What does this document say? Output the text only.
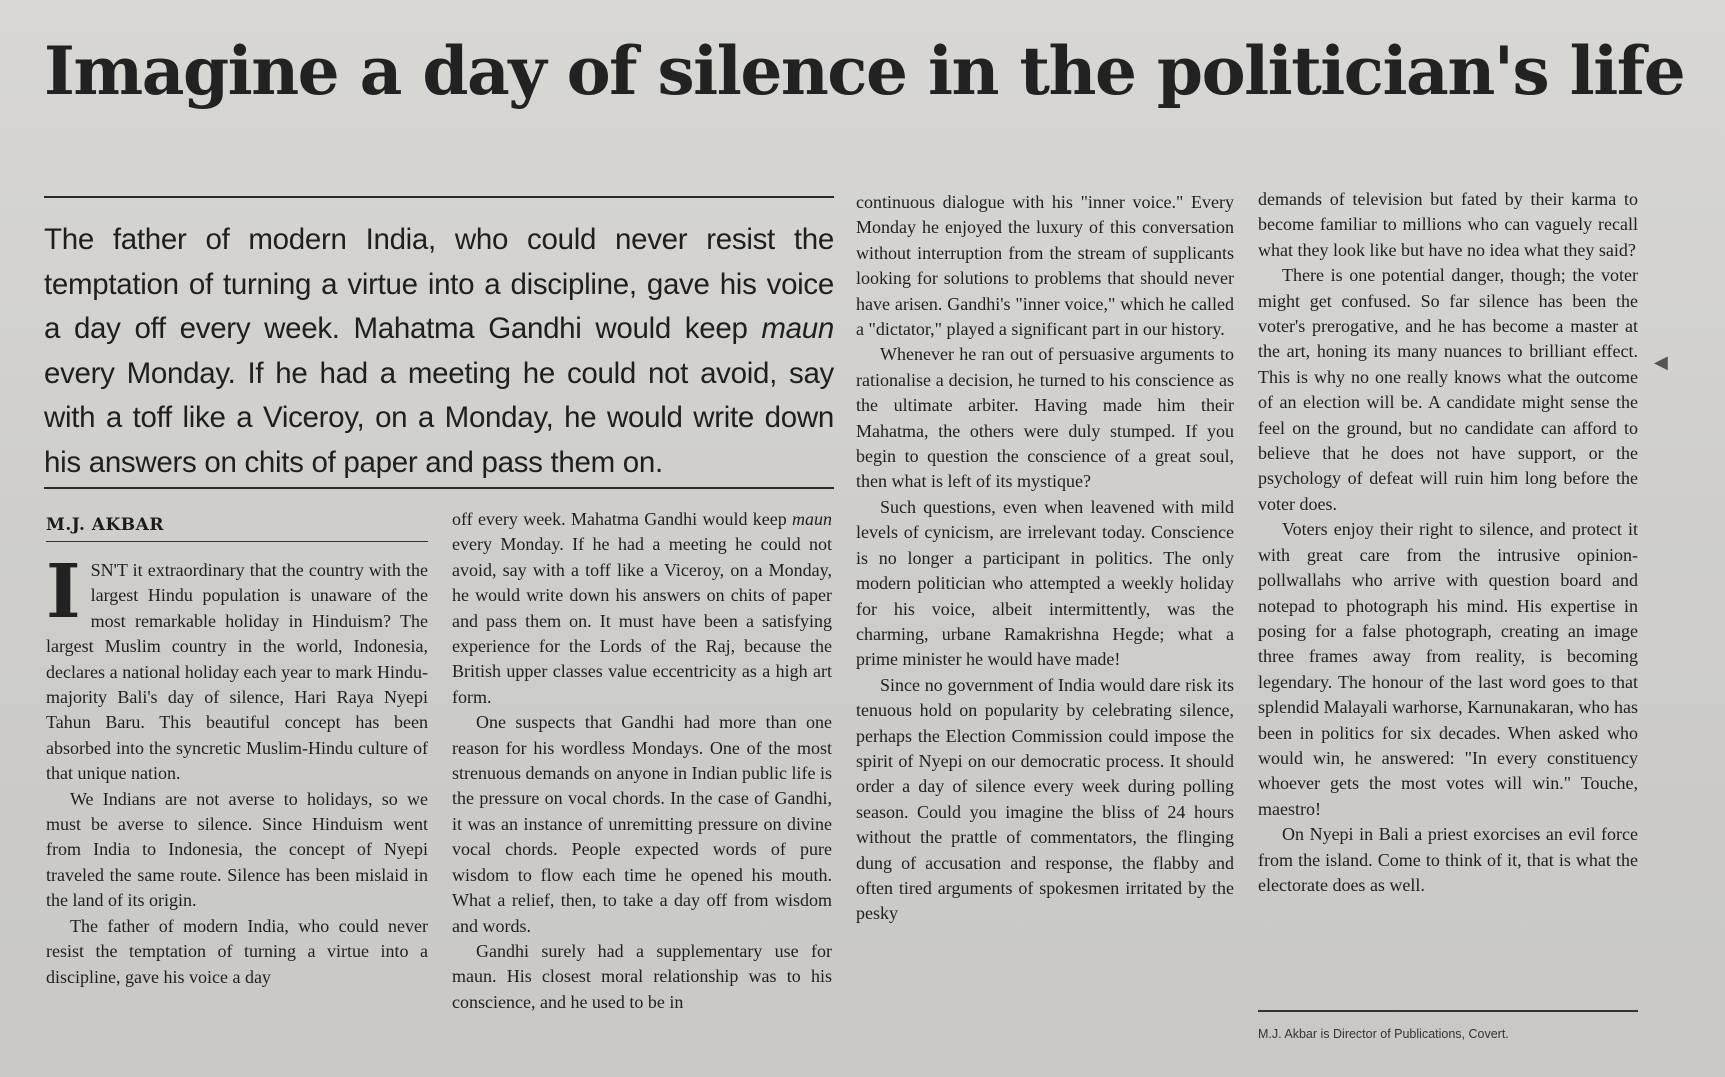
Imagine a day of silence in the politician's life

The father of modern India, who could never resist the temptation of turning a virtue into a discipline, gave his voice a day off every week. Mahatma Gandhi would keep maun every Monday. If he had a meeting he could not avoid, say with a toff like a Viceroy, on a Monday, he would write down his answers on chits of paper and pass them on.

M.J. AKBAR

ISN'T it extraordinary that the country with the largest Hindu population is unaware of the most remarkable holiday in Hinduism? The largest Muslim country in the world, Indonesia, declares a national holiday each year to mark Hindu-majority Bali's day of silence, Hari Raya Nyepi Tahun Baru. This beautiful concept has been absorbed into the syncretic Muslim-Hindu culture of that unique nation.

We Indians are not averse to holidays, so we must be averse to silence. Since Hinduism went from India to Indonesia, the concept of Nyepi traveled the same route. Silence has been mislaid in the land of its origin.

The father of modern India, who could never resist the temptation of turning a virtue into a discipline, gave his voice a day

off every week. Mahatma Gandhi would keep maun every Monday. If he had a meeting he could not avoid, say with a toff like a Viceroy, on a Monday, he would write down his answers on chits of paper and pass them on. It must have been a satisfying experience for the Lords of the Raj, because the British upper classes value eccentricity as a high art form.

One suspects that Gandhi had more than one reason for his wordless Mondays. One of the most strenuous demands on anyone in Indian public life is the pressure on vocal chords. In the case of Gandhi, it was an instance of unremitting pressure on divine vocal chords. People expected words of pure wisdom to flow each time he opened his mouth. What a relief, then, to take a day off from wisdom and words.

Gandhi surely had a supplementary use for maun. His closest moral relationship was to his conscience, and he used to be in

continuous dialogue with his "inner voice." Every Monday he enjoyed the luxury of this conversation without interruption from the stream of supplicants looking for solutions to problems that should never have arisen. Gandhi's "inner voice," which he called a "dictator," played a significant part in our history.

Whenever he ran out of persuasive arguments to rationalise a decision, he turned to his conscience as the ultimate arbiter. Having made him their Mahatma, the others were duly stumped. If you begin to question the conscience of a great soul, then what is left of its mystique?

Such questions, even when leavened with mild levels of cynicism, are irrelevant today. Conscience is no longer a participant in politics. The only modern politician who attempted a weekly holiday for his voice, albeit intermittently, was the charming, urbane Ramakrishna Hegde; what a prime minister he would have made!

Since no government of India would dare risk its tenuous hold on popularity by celebrating silence, perhaps the Election Commission could impose the spirit of Nyepi on our democratic process. It should order a day of silence every week during polling season. Could you imagine the bliss of 24 hours without the prattle of commentators, the flinging dung of accusation and response, the flabby and often tired arguments of spokesmen irritated by the pesky

demands of television but fated by their karma to become familiar to millions who can vaguely recall what they look like but have no idea what they said?

There is one potential danger, though; the voter might get confused. So far silence has been the voter's prerogative, and he has become a master at the art, honing its many nuances to brilliant effect. This is why no one really knows what the outcome of an election will be. A candidate might sense the feel on the ground, but no candidate can afford to believe that he does not have support, or the psychology of defeat will ruin him long before the voter does.

Voters enjoy their right to silence, and protect it with great care from the intrusive opinion-pollwallahs who arrive with question board and notepad to photograph his mind. His expertise in posing for a false photograph, creating an image three frames away from reality, is becoming legendary. The honour of the last word goes to that splendid Malayali warhorse, Karnunakaran, who has been in politics for six decades. When asked who would win, he answered: "In every constituency whoever gets the most votes will win." Touche, maestro!

On Nyepi in Bali a priest exorcises an evil force from the island. Come to think of it, that is what the electorate does as well.

◀
M.J. Akbar is Director of Publications, Covert.
